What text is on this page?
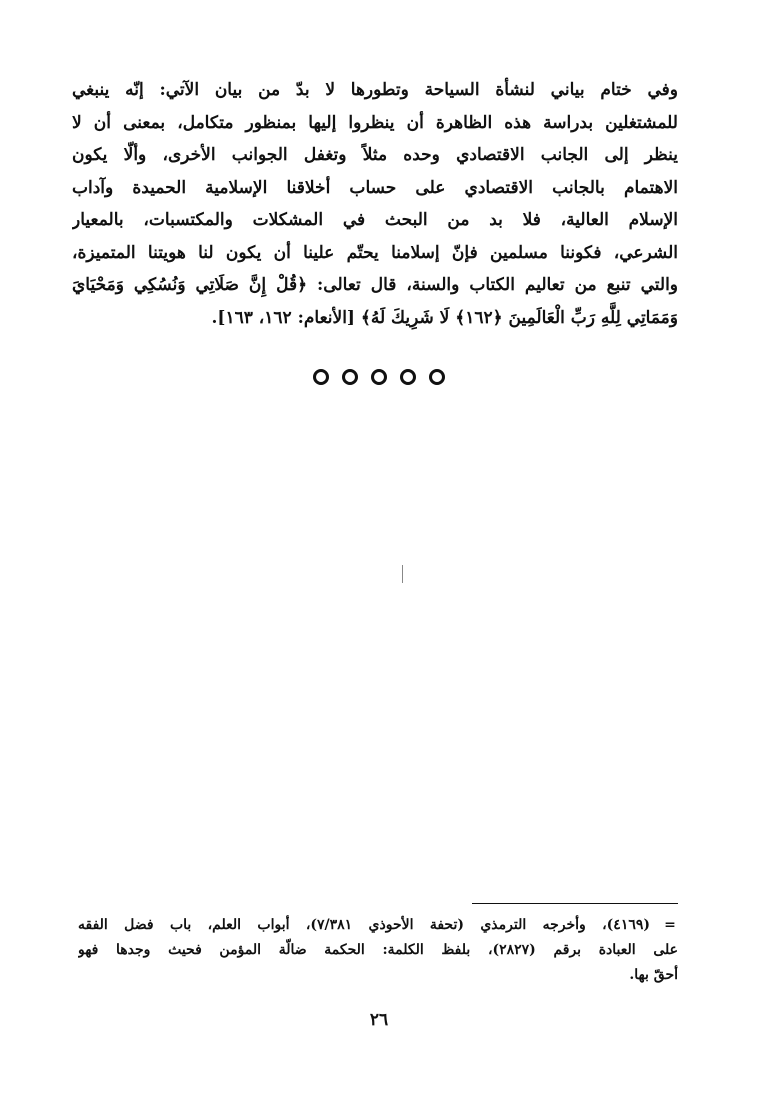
وفي ختام بياني لنشأة السياحة وتطورها لا بدّ من بيان الآتي: إنّه ينبغي
للمشتغلين بدراسة هذه الظاهرة أن ينظروا إليها بمنظور متكامل، بمعنى أن لا
ينظر إلى الجانب الاقتصادي وحده مثلاً وتغفل الجوانب الأخرى، وألّا يكون
الاهتمام بالجانب الاقتصادي على حساب أخلاقنا الإسلامية الحميدة وآداب
الإسلام العالية، فلا بد من البحث في المشكلات والمكتسبات، بالمعيار
الشرعي، فكوننا مسلمين فإنّ إسلامنا يحتّم علينا أن يكون لنا هويتنا المتميزة،
والتي تنبع من تعاليم الكتاب والسنة، قال تعالى: ﴿قُلْ إِنَّ صَلَاتِي وَنُسُكِي وَمَحْيَايَ
وَمَمَاتِي لِلَّهِ رَبِّ الْعَالَمِينَ ﴿١٦٢﴾ لَا شَرِيكَ لَهُ﴾ [الأنعام: ١٦٢، ١٦٣].
=
(٤١٦٩)، وأخرجه الترمذي (تحفة الأحوذي ٧/٣٨١)، أبواب العلم، باب فضل الفقه
على العبادة برقم (٢٨٢٧)، بلفظ الكلمة: الحكمة ضالّة المؤمن فحيث وجدها فهو
أحقّ بها.
٢٦
